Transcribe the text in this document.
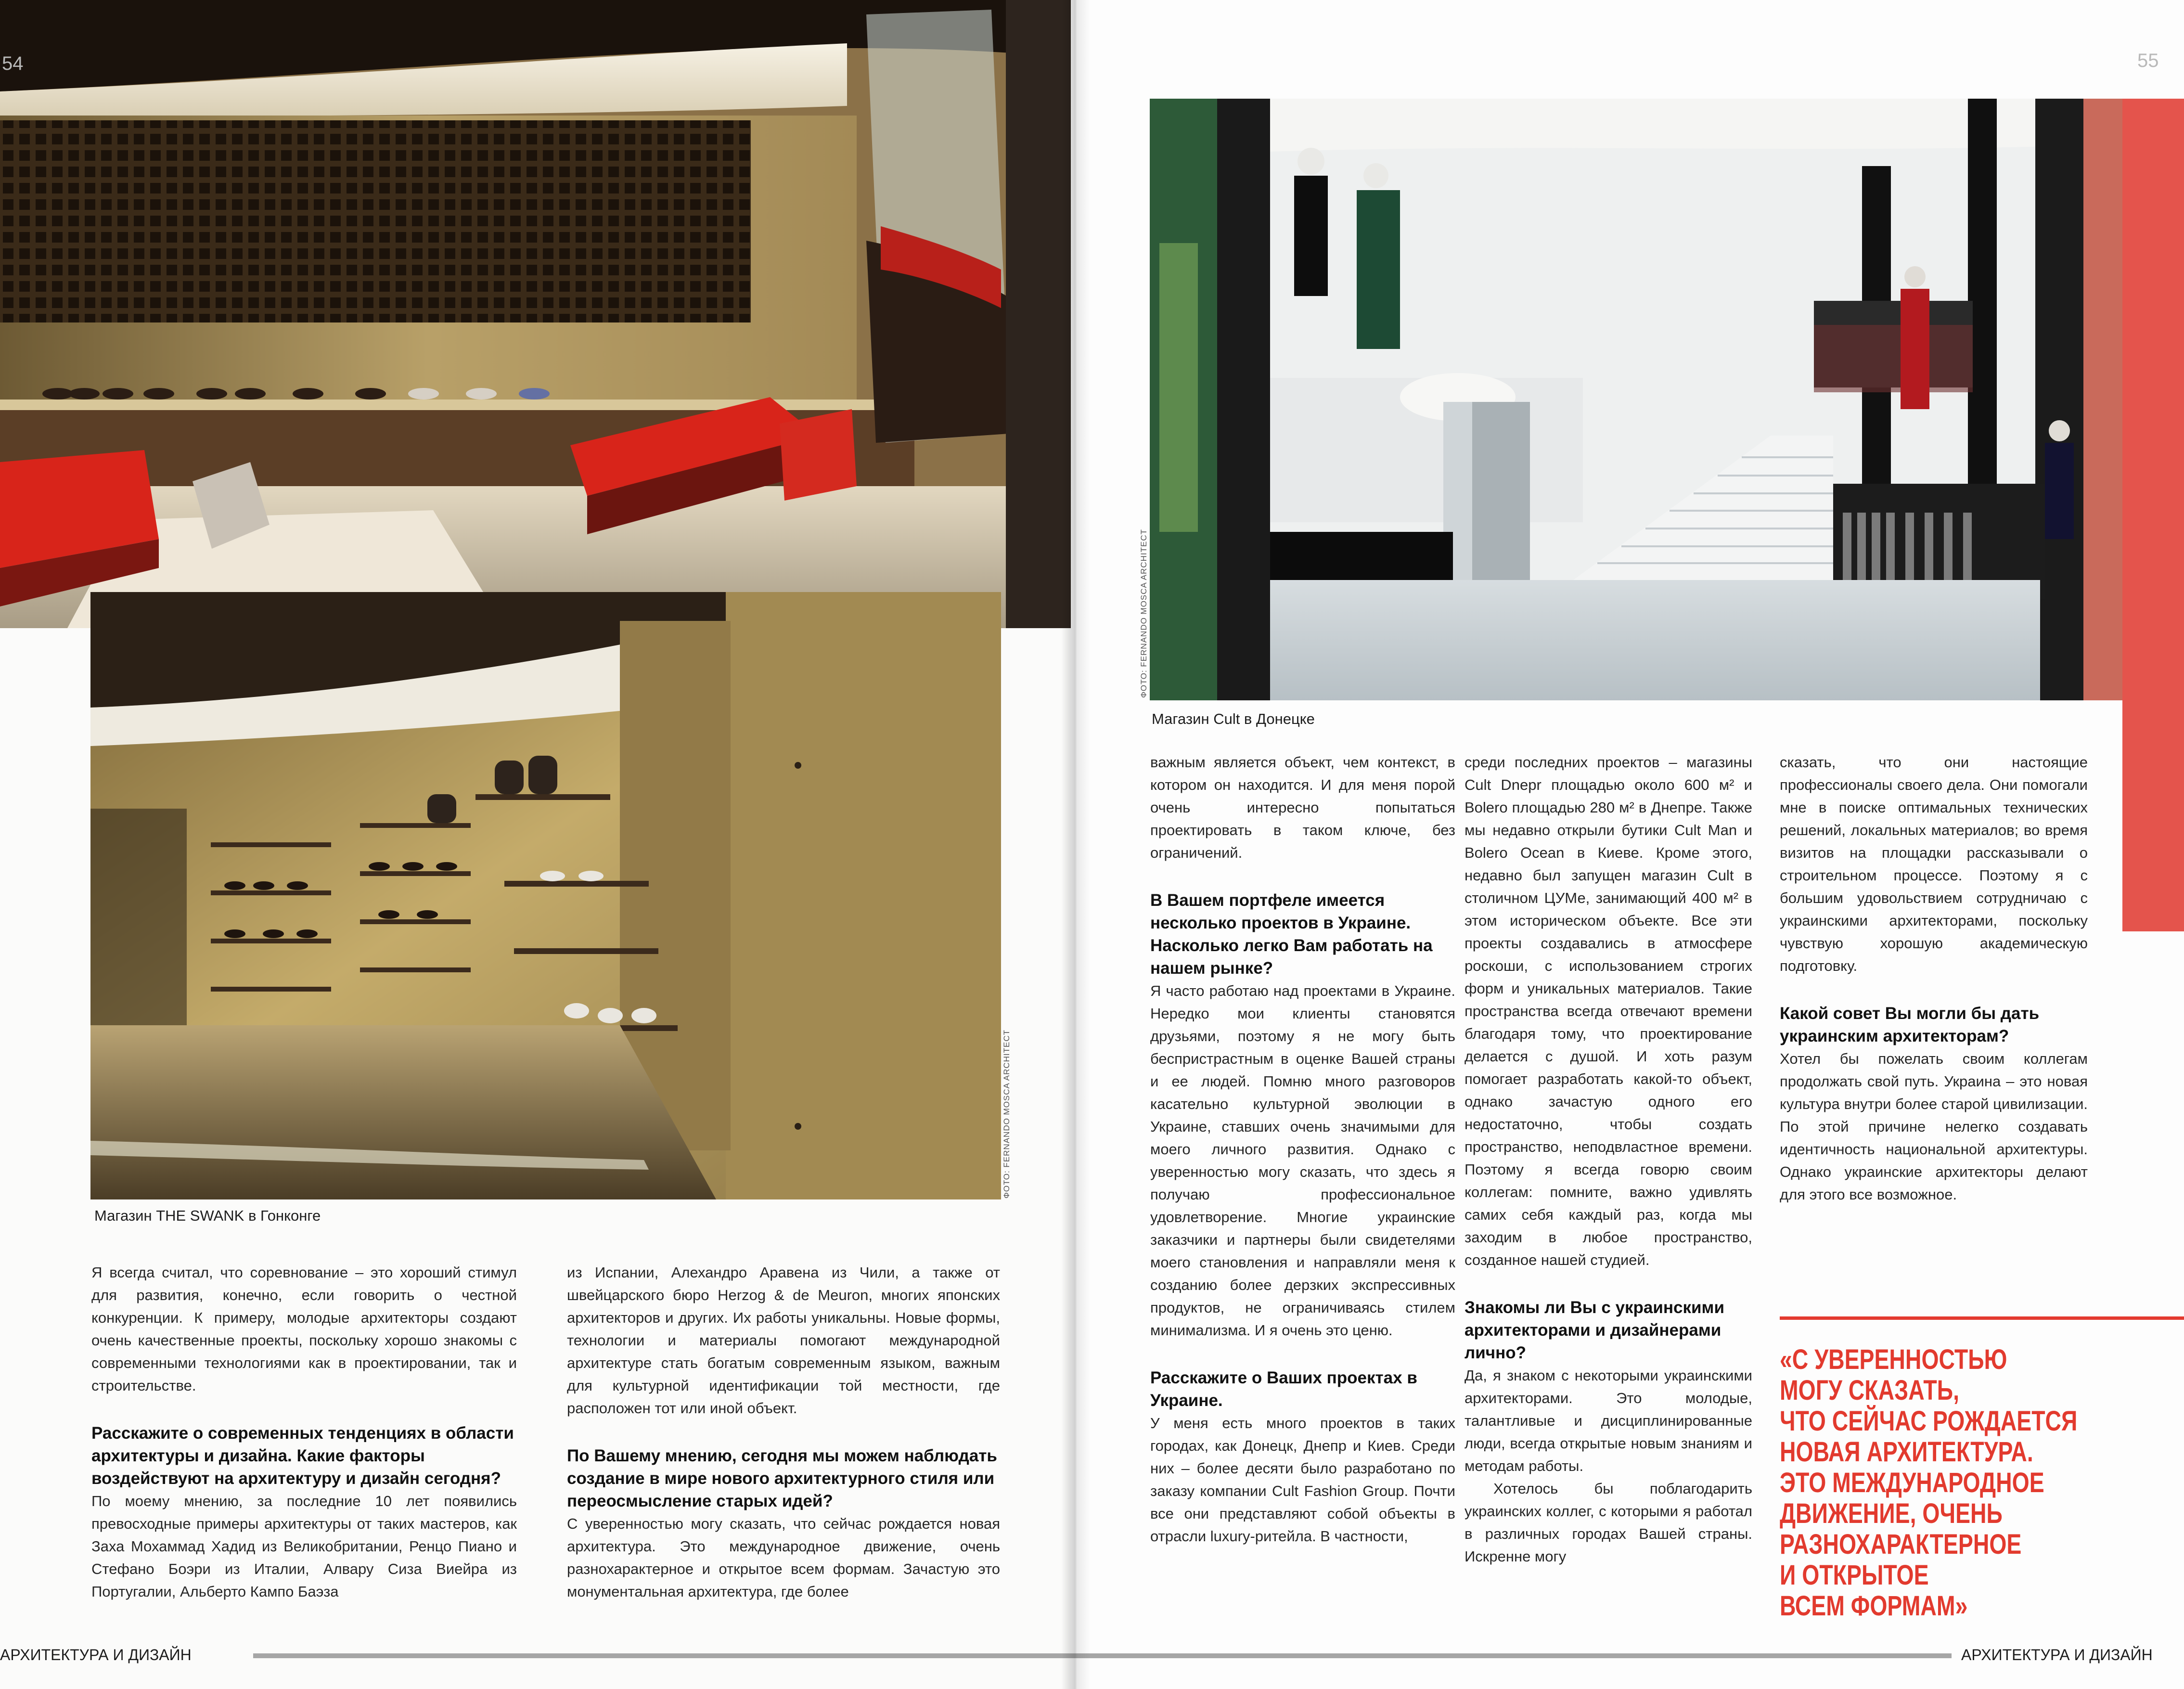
54
ФОТО: FERNANDO MOSCA ARCHITECT
Магазин THE SWANK в Гонконге

Я всегда считал, что соревнование – это хороший стимул для развития, конечно, если говорить о честной конкуренции. К примеру, молодые архитекторы создают очень качественные проекты, поскольку хорошо знакомы с современными технологиями как в проектировании, так и строительстве.

Расскажите о современных тенденциях в области архитектуры и дизайна. Какие факторы воздействуют на архитектуру и дизайн сегодня?

По моему мнению, за последние 10 лет появились превосходные примеры архитектуры от таких мастеров, как Заха Мохаммад Хадид из Великобритании, Ренцо Пиано и Стефано Боэри из Италии, Алвару Сиза Виейра из Португалии, Альберто Кампо Баэза

из Испании, Алехандро Аравена из Чили, а также от швейцарского бюро Herzog & de Meuron, многих японских архитекторов и других. Их работы уникальны. Новые формы, технологии и материалы помогают международной архитектуре стать богатым современным языком, важным для культурной идентификации той местности, где расположен тот или иной объект.

По Вашему мнению, сегодня мы можем наблюдать создание в мире нового архитектурного стиля или переосмысление старых идей?

С уверенностью могу сказать, что сейчас рождается новая архитектура. Это международное движение, очень разнохарактерное и открытое всем формам. Зачастую это монументальная архитектура, где более

АРХИТЕКТУРА И ДИЗАЙН
55
ФОТО: FERNANDO MOSCA ARCHITECT
Магазин Cult в Донецке

важным является объект, чем контекст, в котором он находится. И для меня порой очень интересно попытаться проектировать в таком ключе, без ограничений.

В Вашем портфеле имеется несколько проектов в Украине. Насколько легко Вам работать на нашем рынке?

Я часто работаю над проектами в Украине. Нередко мои клиенты становятся друзьями, поэтому я не могу быть беспристрастным в оценке Вашей страны и ее людей. Помню много разговоров касательно культурной эволюции в Украине, ставших очень значимыми для моего личного развития. Однако с уверенностью могу сказать, что здесь я получаю профессиональное удовлетворение. Многие украинские заказчики и партнеры были свидетелями моего становления и направляли меня к созданию более дерзких экспрессивных продуктов, не ограничиваясь стилем минимализма. И я очень это ценю.

Расскажите о Ваших проектах в Украине.

У меня есть много проектов в таких городах, как Донецк, Днепр и Киев. Среди них – более десяти было разработано по заказу компании Cult Fashion Group. Почти все они представляют собой объекты в отрасли luxury-ритейла. В частности,

среди последних проектов – магазины Cult Dnepr площадью около 600 м² и Bolero площадью 280 м² в Днепре. Также мы недавно открыли бутики Cult Man и Bolero Ocean в Киеве. Кроме этого, недавно был запущен магазин Cult в столичном ЦУМе, занимающий 400 м² в этом историческом объекте. Все эти проекты создавались в атмосфере роскоши, с использованием строгих форм и уникальных материалов. Такие пространства всегда отвечают времени благодаря тому, что проектирование делается с душой. И хоть разум помогает разработать какой-то объект, однако зачастую одного его недостаточно, чтобы создать пространство, неподвластное времени. Поэтому я всегда говорю своим коллегам: помните, важно удивлять самих себя каждый раз, когда мы заходим в любое пространство, созданное нашей студией.

Знакомы ли Вы с украинскими архитекторами и дизайнерами лично?

Да, я знаком с некоторыми украинскими архитекторами. Это молодые, талантливые и дисциплинированные люди, всегда открытые новым знаниям и методам работы.

Хотелось бы поблагодарить украинских коллег, с которыми я работал в различных городах Вашей страны. Искренне могу

сказать, что они настоящие профессионалы своего дела. Они помогали мне в поиске оптимальных технических решений, локальных материалов; во время визитов на площадки рассказывали о строительном процессе. Поэтому я с большим удовольствием сотрудничаю с украинскими архитекторами, поскольку чувствую хорошую академическую подготовку.

Какой совет Вы могли бы дать украинским архитекторам?

Хотел бы пожелать своим коллегам продолжать свой путь. Украина – это новая культура внутри более старой цивилизации. По этой причине нелегко создавать идентичность национальной архитектуры. Однако украинские архитекторы делают для этого все возможное.

АРХИТЕКТУРА И ДИЗАЙН
«С УВЕРЕННОСТЬЮ
МОГУ СКАЗАТЬ,
ЧТО СЕЙЧАС РОЖДАЕТСЯ
НОВАЯ АРХИТЕКТУРА.
ЭТО МЕЖДУНАРОДНОЕ
ДВИЖЕНИЕ, ОЧЕНЬ
РАЗНОХАРАКТЕРНОЕ
И ОТКРЫТОЕ
ВСЕМ ФОРМАМ»
